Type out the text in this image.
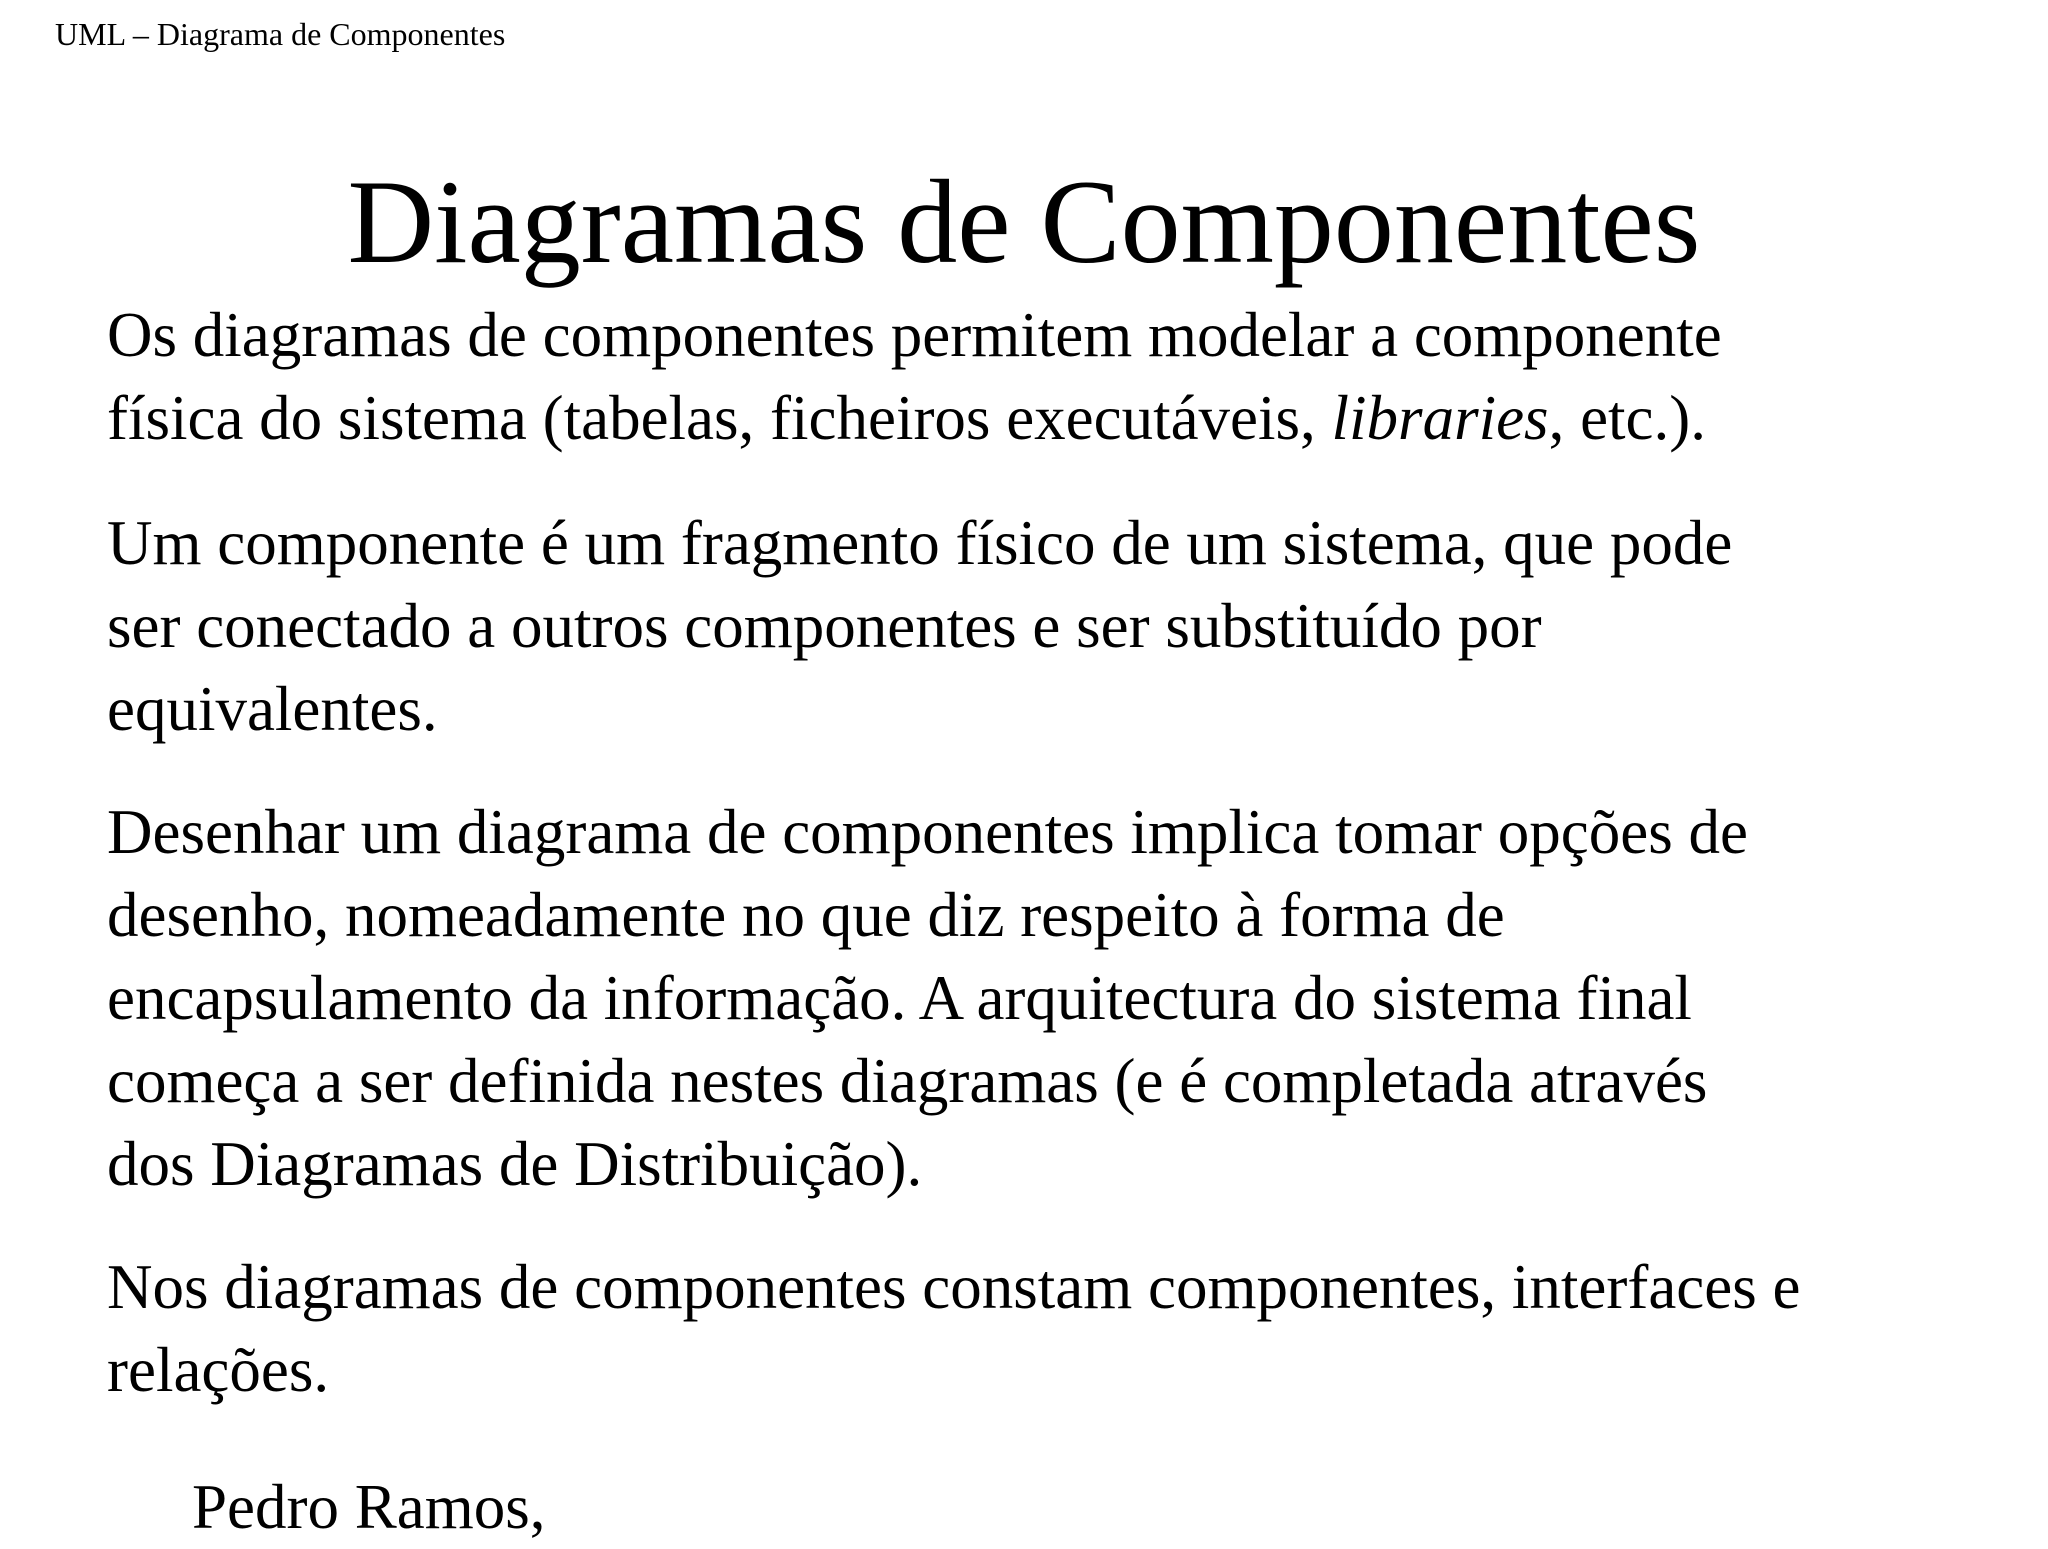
UML – Diagrama de Componentes
Diagramas de Componentes

Os diagramas de componentes permitem modelar a componente
física do sistema (tabelas, ficheiros executáveis, libraries, etc.).

Um componente é um fragmento físico de um sistema, que pode
ser conectado a outros componentes e ser substituído por
equivalentes.

Desenhar um diagrama de componentes implica tomar opções de
desenho, nomeadamente no que diz respeito à forma de
encapsulamento da informação. A arquitectura do sistema final
começa a ser definida nestes diagramas (e é completada através
dos Diagramas de Distribuição).

Nos diagramas de componentes constam componentes, interfaces e
relações.

Pedro Ramos,
